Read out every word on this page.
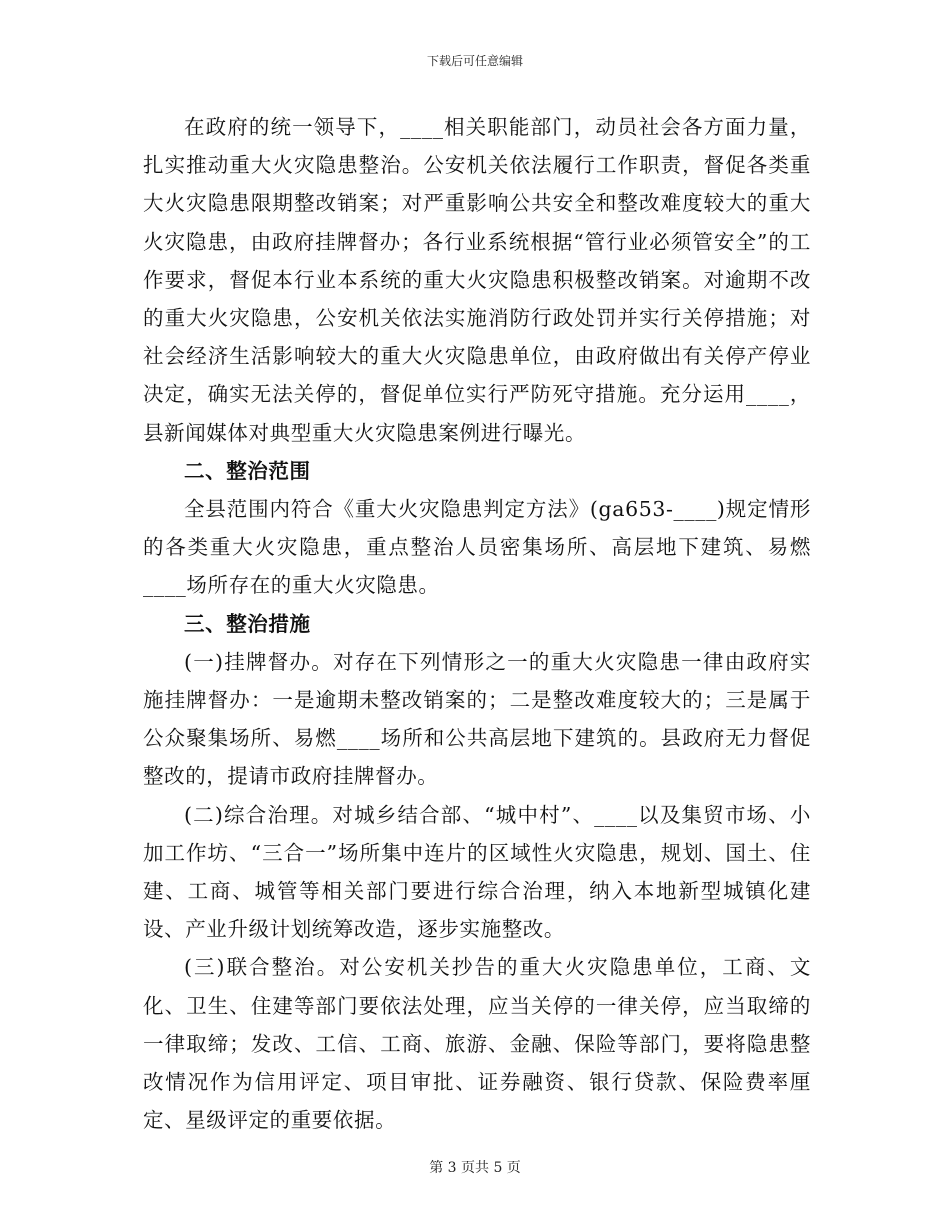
下载后可任意编辑

在政府的统一领导下，____相关职能部门，动员社会各方面力量，扎实推动重大火灾隐患整治。公安机关依法履行工作职责，督促各类重大火灾隐患限期整改销案；对严重影响公共安全和整改难度较大的重大火灾隐患，由政府挂牌督办；各行业系统根据“管行业必须管安全”的工作要求，督促本行业本系统的重大火灾隐患积极整改销案。对逾期不改的重大火灾隐患，公安机关依法实施消防行政处罚并实行关停措施；对社会经济生活影响较大的重大火灾隐患单位，由政府做出有关停产停业决定，确实无法关停的，督促单位实行严防死守措施。充分运用____，县新闻媒体对典型重大火灾隐患案例进行曝光。

二、整治范围

全县范围内符合《重大火灾隐患判定方法》(ga653-____)规定情形的各类重大火灾隐患，重点整治人员密集场所、高层地下建筑、易燃____场所存在的重大火灾隐患。

三、整治措施

(一)挂牌督办。对存在下列情形之一的重大火灾隐患一律由政府实施挂牌督办：一是逾期未整改销案的；二是整改难度较大的；三是属于公众聚集场所、易燃____场所和公共高层地下建筑的。县政府无力督促整改的，提请市政府挂牌督办。

(二)综合治理。对城乡结合部、“城中村”、____以及集贸市场、小加工作坊、“三合一”场所集中连片的区域性火灾隐患，规划、国土、住建、工商、城管等相关部门要进行综合治理，纳入本地新型城镇化建设、产业升级计划统筹改造，逐步实施整改。

(三)联合整治。对公安机关抄告的重大火灾隐患单位，工商、文化、卫生、住建等部门要依法处理，应当关停的一律关停，应当取缔的一律取缔；发改、工信、工商、旅游、金融、保险等部门，要将隐患整改情况作为信用评定、项目审批、证券融资、银行贷款、保险费率厘定、星级评定的重要依据。

第 3 页共 5 页
